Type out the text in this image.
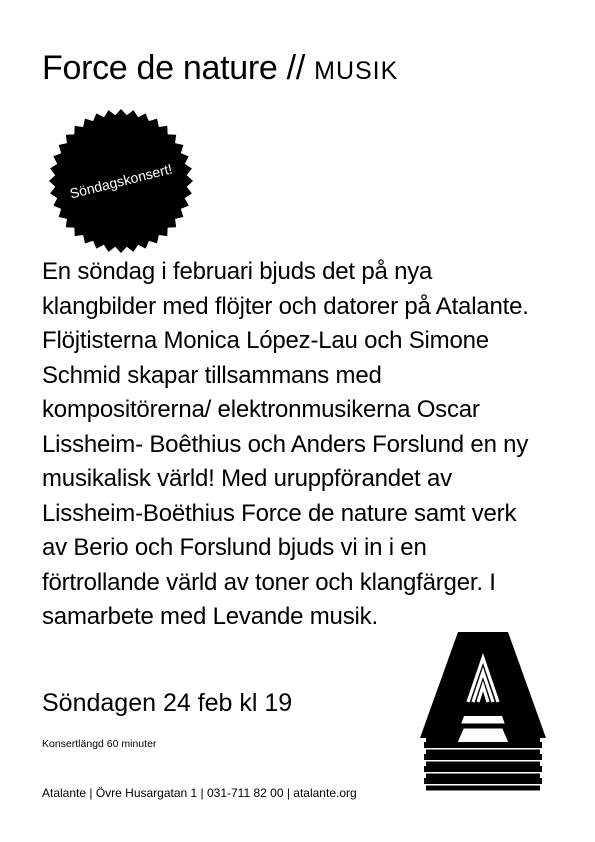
Force de nature // MUSIK
Söndagskonsert!
En söndag i februari bjuds det på nya klangbilder med flöjter och datorer på Atalante. Flöjtisterna Monica López-Lau och Simone Schmid skapar tillsammans med kompositörerna/ elektronmusikerna Oscar Lissheim- Boêthius och Anders Forslund en ny musikalisk värld! Med uruppförandet av Lissheim-Boëthius Force de nature samt verk av Berio och Forslund bjuds vi in i en förtrollande värld av toner och klangfärger. I samarbete med Levande musik.
Söndagen 24 feb kl 19
Konsertlängd 60 minuter
Atalante | Övre Husargatan 1 | 031-711 82 00 | atalante.org
